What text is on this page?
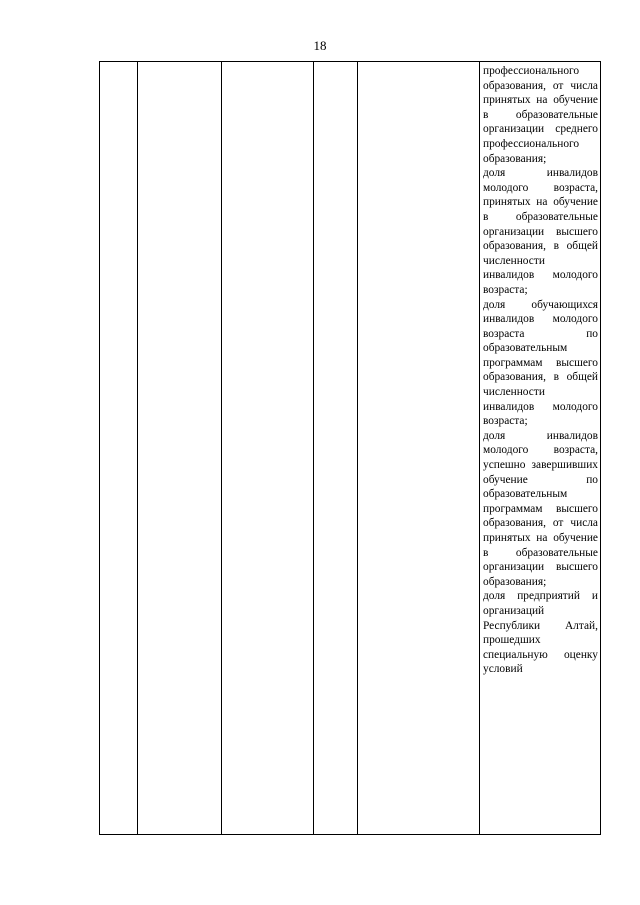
18

профессионального образования, от числа принятых на обучение в образовательные организации среднего профессионального образования;
доля инвалидов молодого возраста, принятых на обучение в образовательные организации высшего образования, в общей численности инвалидов молодого возраста;
доля обучающихся инвалидов молодого возраста по образовательным программам высшего образования, в общей численности инвалидов молодого возраста;
доля инвалидов молодого возраста, успешно завершивших обучение по образовательным программам высшего образования, от числа принятых на обучение в образовательные организации высшего образования;
доля предприятий и организаций Республики Алтай, прошедших специальную оценку условий
